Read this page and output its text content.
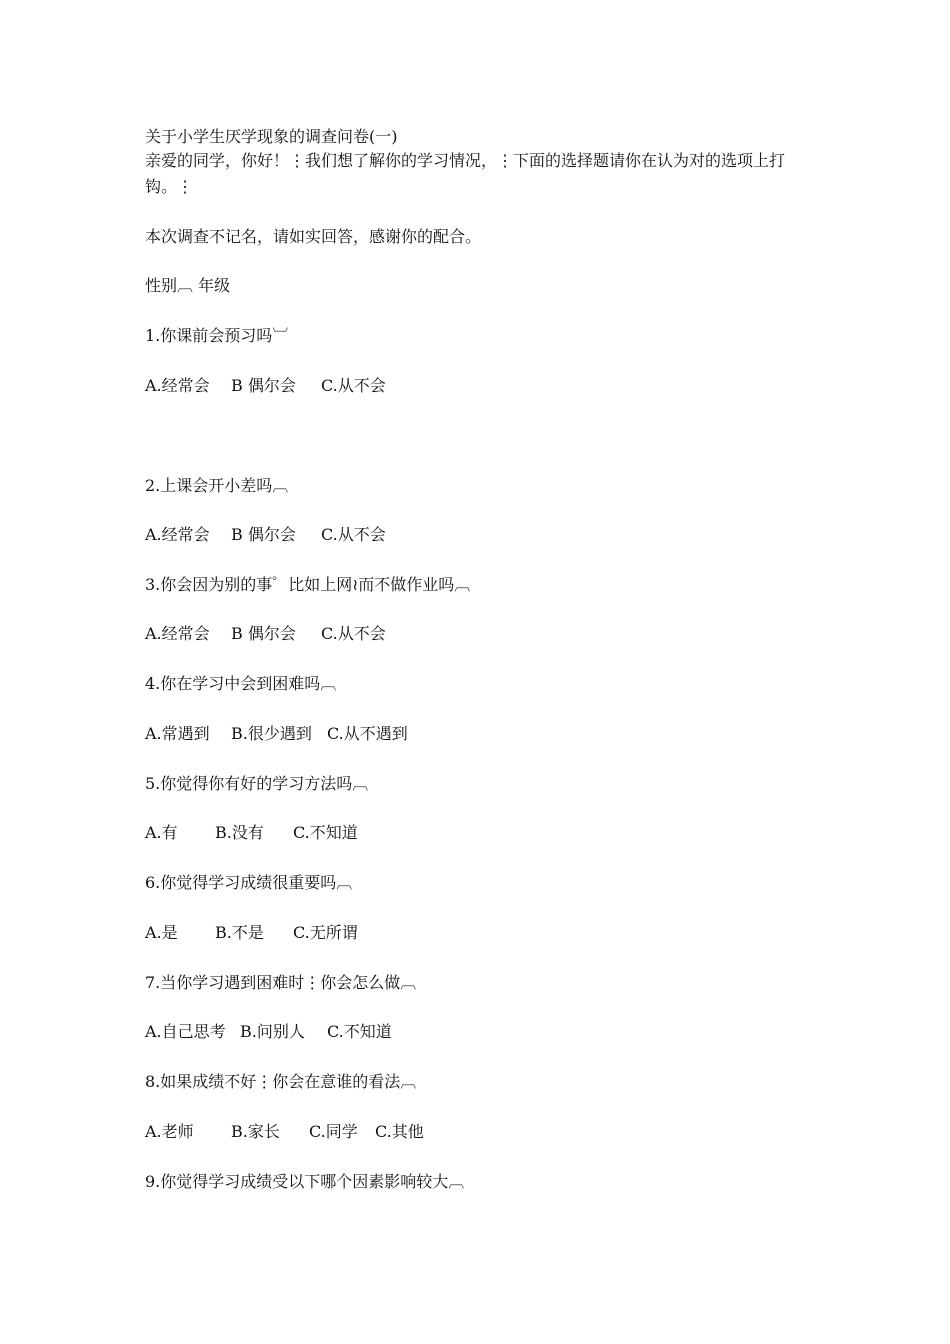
关于小学生厌学现象的调查问卷(一)
亲爱的同学，你好！⋮我们想了解你的学习情况，⋮下面的选择题请你在认为对的选项上打钩。⋮
本次调查不记名，请如实回答，感谢你的配合。
性别︹ 年级
1.你课前会预习吗︺
A.经常会 B 偶尔会 C.从不会
2.上课会开小差吗︹
A.经常会 B 偶尔会 C.从不会
3.你会因为别的事゜比如上网≀而不做作业吗︹
A.经常会 B 偶尔会 C.从不会
4.你在学习中会到困难吗︹
A.常遇到 B.很少遇到 C.从不遇到
5.你觉得你有好的学习方法吗︹
A.有 B.没有 C.不知道
6.你觉得学习成绩很重要吗︹
A.是 B.不是 C.无所谓
7.当你学习遇到困难时⋮你会怎么做︹
A.自己思考 B.问别人 C.不知道
8.如果成绩不好⋮你会在意谁的看法︹
A.老师 B.家长 C.同学 C.其他
9.你觉得学习成绩受以下哪个因素影响较大︹
